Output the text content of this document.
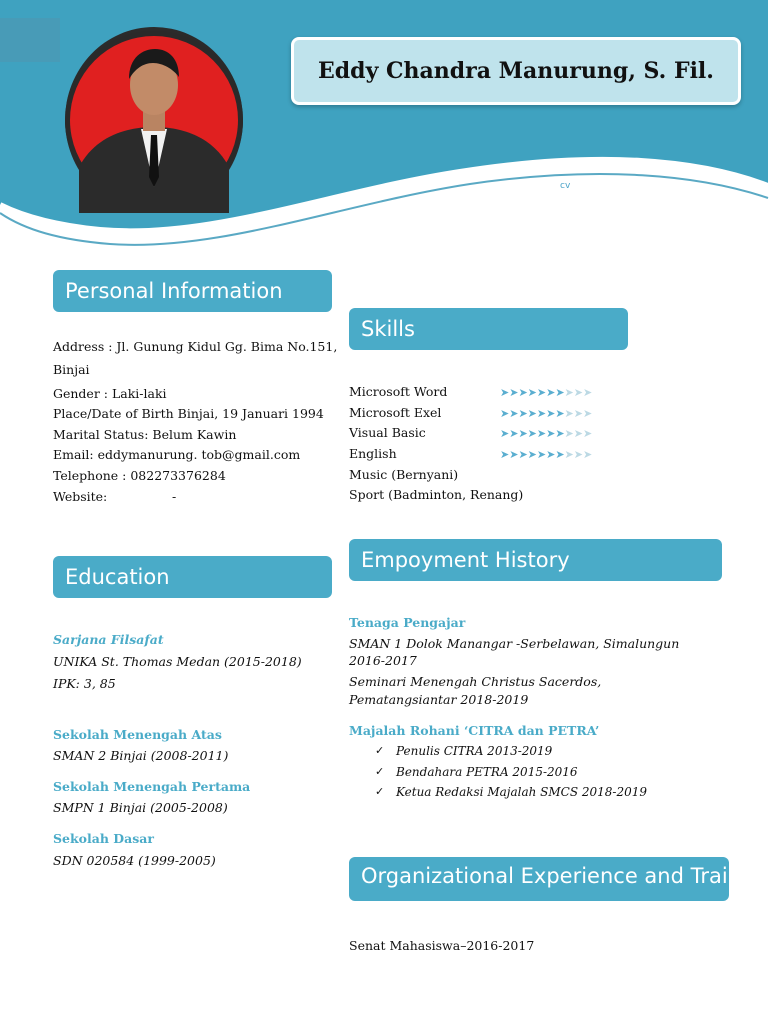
Eddy Chandra Manurung, S. Fil.
cv
Personal Information
Address : Jl. Gunung Kidul Gg. Bima No.151,
Binjai
Gender : Laki-laki
Place/Date of Birth Binjai, 19 Januari 1994
Marital Status: Belum Kawin
Email: eddymanurung. tob@gmail.com
Telephone : 082273376284
Website:	-
Skills
Microsoft Word	➤➤➤➤➤➤➤➤➤➤
Microsoft Exel	➤➤➤➤➤➤➤➤➤➤
Visual Basic	➤➤➤➤➤➤➤➤➤➤
English	➤➤➤➤➤➤➤➤➤➤
Music (Bernyani)
Sport (Badminton, Renang)
Education
Sarjana Filsafat
UNIKA St. Thomas Medan (2015-2018)
IPK: 3, 85
Sekolah Menengah Atas
SMAN 2 Binjai (2008-2011)
Sekolah Menengah Pertama
SMPN 1 Binjai (2005-2008)
Sekolah Dasar
SDN 020584 (1999-2005)
Empoyment History
Tenaga Pengajar
SMAN 1 Dolok Manangar -Serbelawan, Simalungun
2016-2017
Seminari Menengah Christus Sacerdos,
Pematangsiantar 2018-2019
Majalah Rohani ‘CITRA dan PETRA’
✓ Penulis CITRA 2013-2019
✓ Bendahara PETRA 2015-2016
✓ Ketua Redaksi Majalah SMCS 2018-2019
Organizational Experience and Training
Senat Mahasiswa–2016-2017
